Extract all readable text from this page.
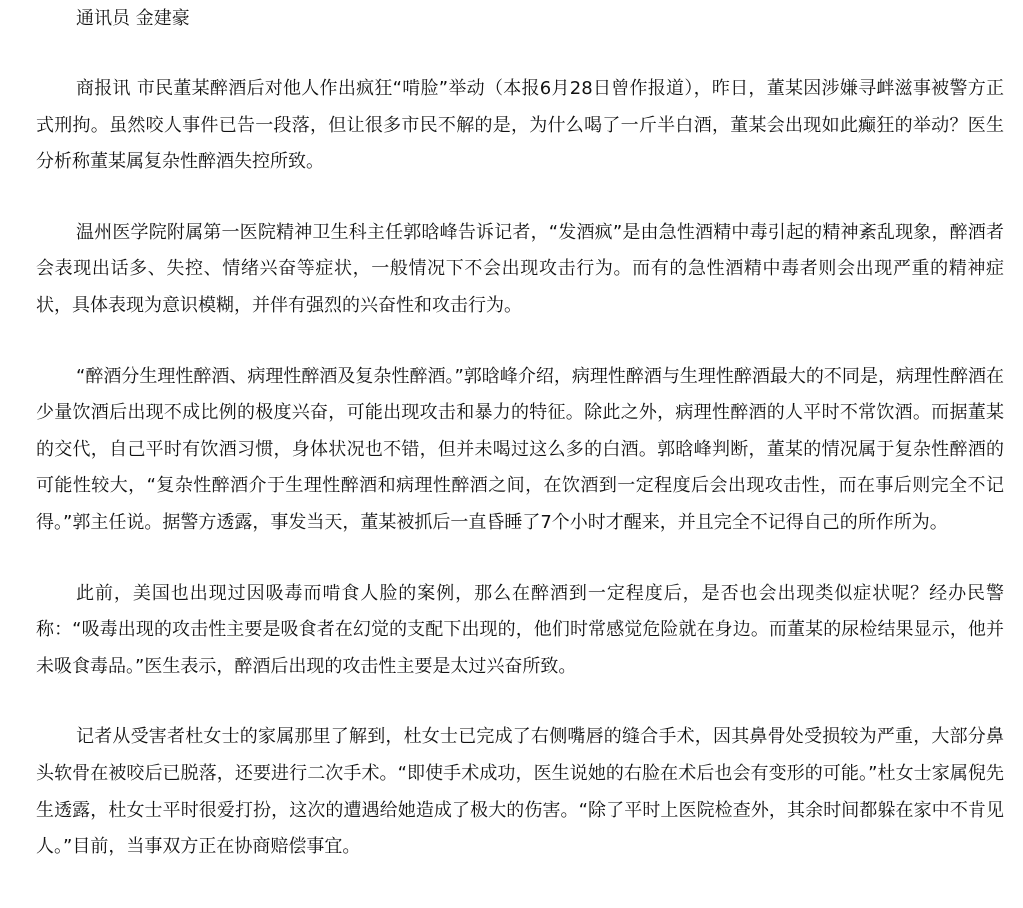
通讯员 金建豪

商报讯 市民董某醉酒后对他人作出疯狂“啃脸”举动（本报6月28日曾作报道），昨日，董某因涉嫌寻衅滋事被警方正式刑拘。虽然咬人事件已告一段落，但让很多市民不解的是，为什么喝了一斤半白酒，董某会出现如此癫狂的举动？医生分析称董某属复杂性醉酒失控所致。

温州医学院附属第一医院精神卫生科主任郭晗峰告诉记者，“发酒疯”是由急性酒精中毒引起的精神紊乱现象，醉酒者会表现出话多、失控、情绪兴奋等症状，一般情况下不会出现攻击行为。而有的急性酒精中毒者则会出现严重的精神症状，具体表现为意识模糊，并伴有强烈的兴奋性和攻击行为。

“醉酒分生理性醉酒、病理性醉酒及复杂性醉酒。”郭晗峰介绍，病理性醉酒与生理性醉酒最大的不同是，病理性醉酒在少量饮酒后出现不成比例的极度兴奋，可能出现攻击和暴力的特征。除此之外，病理性醉酒的人平时不常饮酒。而据董某的交代，自己平时有饮酒习惯，身体状况也不错，但并未喝过这么多的白酒。郭晗峰判断，董某的情况属于复杂性醉酒的可能性较大，“复杂性醉酒介于生理性醉酒和病理性醉酒之间，在饮酒到一定程度后会出现攻击性，而在事后则完全不记得。”郭主任说。据警方透露，事发当天，董某被抓后一直昏睡了7个小时才醒来，并且完全不记得自己的所作所为。

此前，美国也出现过因吸毒而啃食人脸的案例，那么在醉酒到一定程度后，是否也会出现类似症状呢？经办民警称：“吸毒出现的攻击性主要是吸食者在幻觉的支配下出现的，他们时常感觉危险就在身边。而董某的尿检结果显示，他并未吸食毒品。”医生表示，醉酒后出现的攻击性主要是太过兴奋所致。

记者从受害者杜女士的家属那里了解到，杜女士已完成了右侧嘴唇的缝合手术，因其鼻骨处受损较为严重，大部分鼻头软骨在被咬后已脱落，还要进行二次手术。“即使手术成功，医生说她的右脸在术后也会有变形的可能。”杜女士家属倪先生透露，杜女士平时很爱打扮，这次的遭遇给她造成了极大的伤害。“除了平时上医院检查外，其余时间都躲在家中不肯见人。”目前，当事双方正在协商赔偿事宜。
